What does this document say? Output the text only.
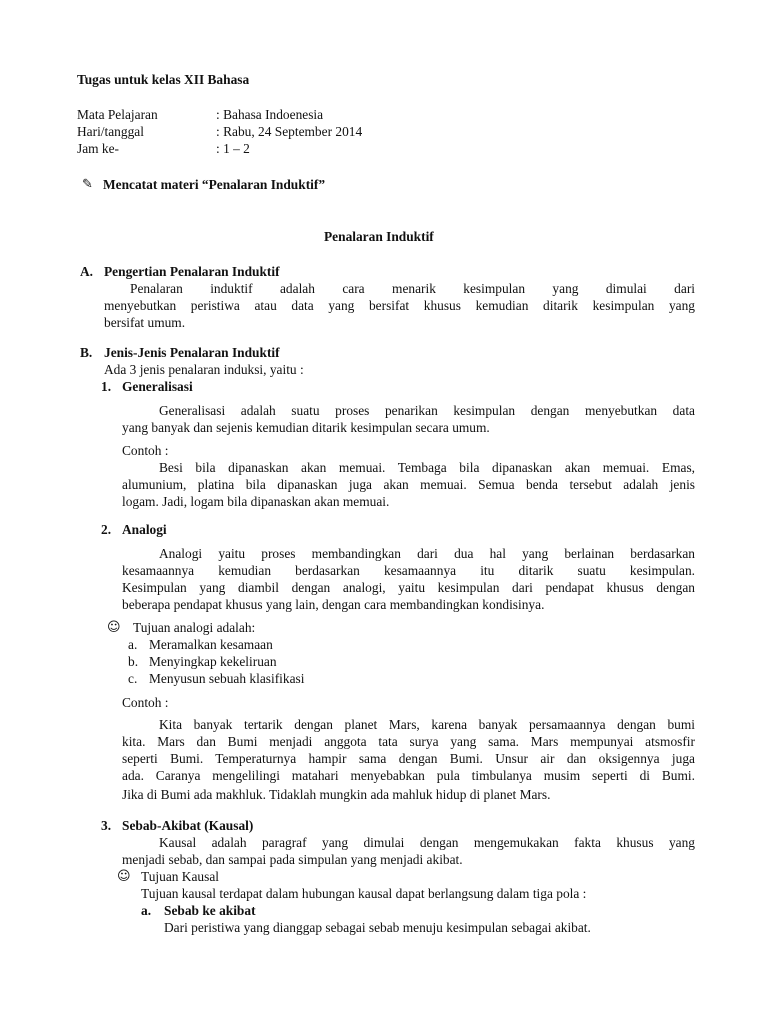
Tugas untuk kelas XII Bahasa
Mata Pelajaran	: Bahasa Indoenesia
Hari/tanggal	: Rabu, 24 September 2014
Jam ke-	: 1 – 2
✎ Mencatat materi “Penalaran Induktif”
Penalaran Induktif
A. Pengertian Penalaran Induktif
Penalaran induktif adalah cara menarik kesimpulan yang dimulai dari
menyebutkan peristiwa atau data yang bersifat khusus kemudian ditarik kesimpulan yang
bersifat umum.
B. Jenis-Jenis Penalaran Induktif
Ada 3 jenis penalaran induksi, yaitu :
1. Generalisasi
Generalisasi adalah suatu proses penarikan kesimpulan dengan menyebutkan data
yang banyak dan sejenis kemudian ditarik kesimpulan secara umum.
Contoh :
Besi bila dipanaskan akan memuai. Tembaga bila dipanaskan akan memuai. Emas,
alumunium, platina bila dipanaskan juga akan memuai. Semua benda tersebut adalah jenis
logam. Jadi, logam bila dipanaskan akan memuai.
2. Analogi
Analogi yaitu proses membandingkan dari dua hal yang berlainan berdasarkan
kesamaannya kemudian berdasarkan kesamaannya itu ditarik suatu kesimpulan.
Kesimpulan yang diambil dengan analogi, yaitu kesimpulan dari pendapat khusus dengan
beberapa pendapat khusus yang lain, dengan cara membandingkan kondisinya.
☺ Tujuan analogi adalah:
a. Meramalkan kesamaan
b. Menyingkap kekeliruan
c. Menyusun sebuah klasifikasi
Contoh :
Kita banyak tertarik dengan planet Mars, karena banyak persamaannya dengan bumi
kita. Mars dan Bumi menjadi anggota tata surya yang sama. Mars mempunyai atsmosfir
seperti Bumi. Temperaturnya hampir sama dengan Bumi. Unsur air dan oksigennya juga
ada. Caranya mengelilingi matahari menyebabkan pula timbulanya musim seperti di Bumi.
Jika di Bumi ada makhluk. Tidaklah mungkin ada mahluk hidup di planet Mars.
3. Sebab-Akibat (Kausal)
Kausal adalah paragraf yang dimulai dengan mengemukakan fakta khusus yang
menjadi sebab, dan sampai pada simpulan yang menjadi akibat.
☺ Tujuan Kausal
Tujuan kausal terdapat dalam hubungan kausal dapat berlangsung dalam tiga pola :
a. Sebab ke akibat
Dari peristiwa yang dianggap sebagai sebab menuju kesimpulan sebagai akibat.
